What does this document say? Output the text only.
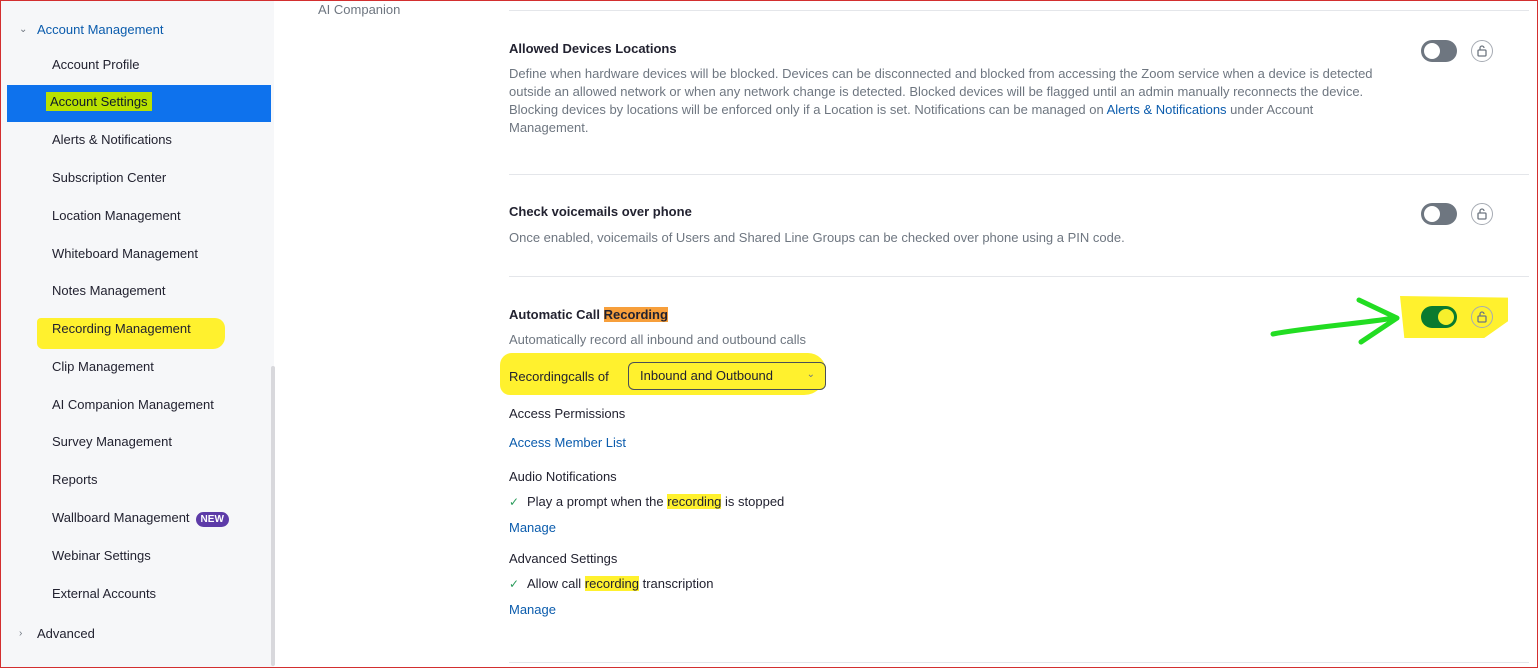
⌄ Account Management
Account Profile
Account Settings
Alerts & Notifications
Subscription Center
Location Management
Whiteboard Management
Notes Management
Recording Management
Clip Management
AI Companion Management
Survey Management
Reports
Wallboard Management NEW
Webinar Settings
External Accounts
›	Advanced
AI Companion
Allowed Devices Locations
Define when hardware devices will be blocked. Devices can be disconnected and blocked from accessing the Zoom service when a device is detected outside an allowed network or when any network change is detected. Blocked devices will be flagged until an admin manually reconnects the device. Blocking devices by locations will be enforced only if a Location is set. Notifications can be managed on Alerts & Notifications under Account Management.
Check voicemails over phone
Once enabled, voicemails of Users and Shared Line Groups can be checked over phone using a PIN code.
Automatic Call Recording
Automatically record all inbound and outbound calls
Recording calls of Inbound and Outbound	⌄
Access Permissions
Access Member List
Audio Notifications
✓ Play a prompt when the recording is stopped
Manage
Advanced Settings
✓ Allow call recording transcription
Manage
